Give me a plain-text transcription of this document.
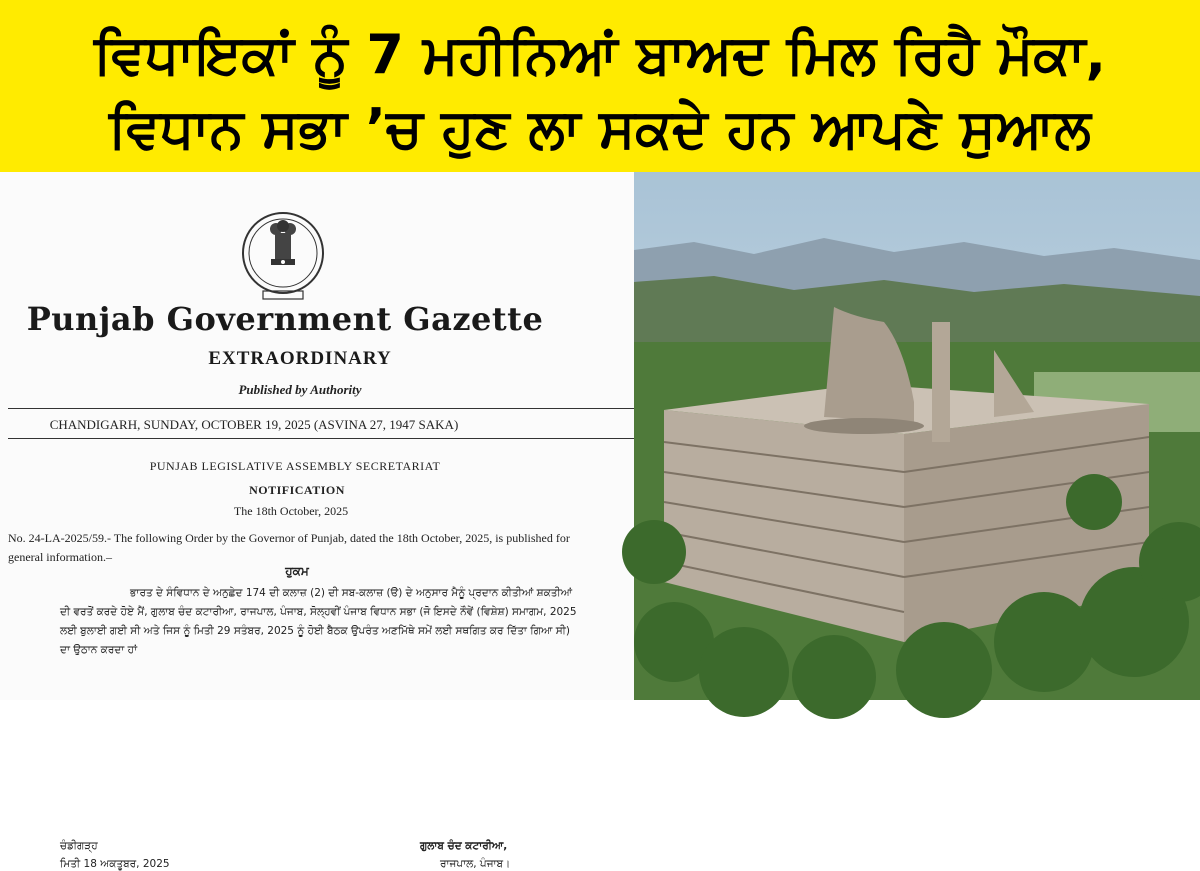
ਵਿਧਾਇਕਾਂ ਨੂੰ 7 ਮਹੀਨਿਆਂ ਬਾਅਦ ਮਿਲ ਰਿਹੈ ਮੌਕਾ,
ਵਿਧਾਨ ਸਭਾ ’ਚ ਹੁਣ ਲਾ ਸਕਦੇ ਹਨ ਆਪਣੇ ਸੁਆਲ
Punjab Government Gazette
EXTRAORDINARY
Published by Authority
CHANDIGARH, SUNDAY, OCTOBER 19, 2025 (ASVINA 27, 1947 SAKA)
PUNJAB LEGISLATIVE ASSEMBLY SECRETARIAT
NOTIFICATION
The 18th October, 2025
No. 24-LA-2025/59.- The following Order by the Governor of Punjab, dated the 18th October, 2025, is published for general information.–
ਹੁਕਮ
ਭਾਰਤ ਦੇ ਸੰਵਿਧਾਨ ਦੇ ਅਨੁਛੇਦ 174 ਦੀ ਕਲਾਜ਼ (2) ਦੀ ਸਬ-ਕਲਾਜ਼ (ੳ) ਦੇ ਅਨੁਸਾਰ ਮੈਨੂੰ ਪ੍ਰਦਾਨ ਕੀਤੀਆਂ ਸ਼ਕਤੀਆਂ ਦੀ ਵਰਤੋਂ ਕਰਦੇ ਹੋਏ ਮੈਂ, ਗੁਲਾਬ ਚੰਦ ਕਟਾਰੀਆ, ਰਾਜਪਾਲ, ਪੰਜਾਬ, ਸੋਲ੍ਹਵੀਂ ਪੰਜਾਬ ਵਿਧਾਨ ਸਭਾ (ਜੋ ਇਸਦੇ ਨੌਵੇਂ (ਵਿਸ਼ੇਸ਼) ਸਮਾਗਮ, 2025 ਲਈ ਬੁਲਾਈ ਗਈ ਸੀ ਅਤੇ ਜਿਸ ਨੂੰ ਮਿਤੀ 29 ਸਤੰਬਰ, 2025 ਨੂੰ ਹੋਈ ਬੈਠਕ ਉਪਰੰਤ ਅਣਮਿੱਥੇ ਸਮੇਂ ਲਈ ਸਥਗਿਤ ਕਰ ਦਿੱਤਾ ਗਿਆ ਸੀ) ਦਾ ਉਠਾਨ ਕਰਦਾ ਹਾਂ
ਚੰਡੀਗੜ੍ਹ
ਮਿਤੀ 18 ਅਕਤੂਬਰ, 2025
ਗੁਲਾਬ ਚੰਦ ਕਟਾਰੀਆ,
ਰਾਜਪਾਲ, ਪੰਜਾਬ।
